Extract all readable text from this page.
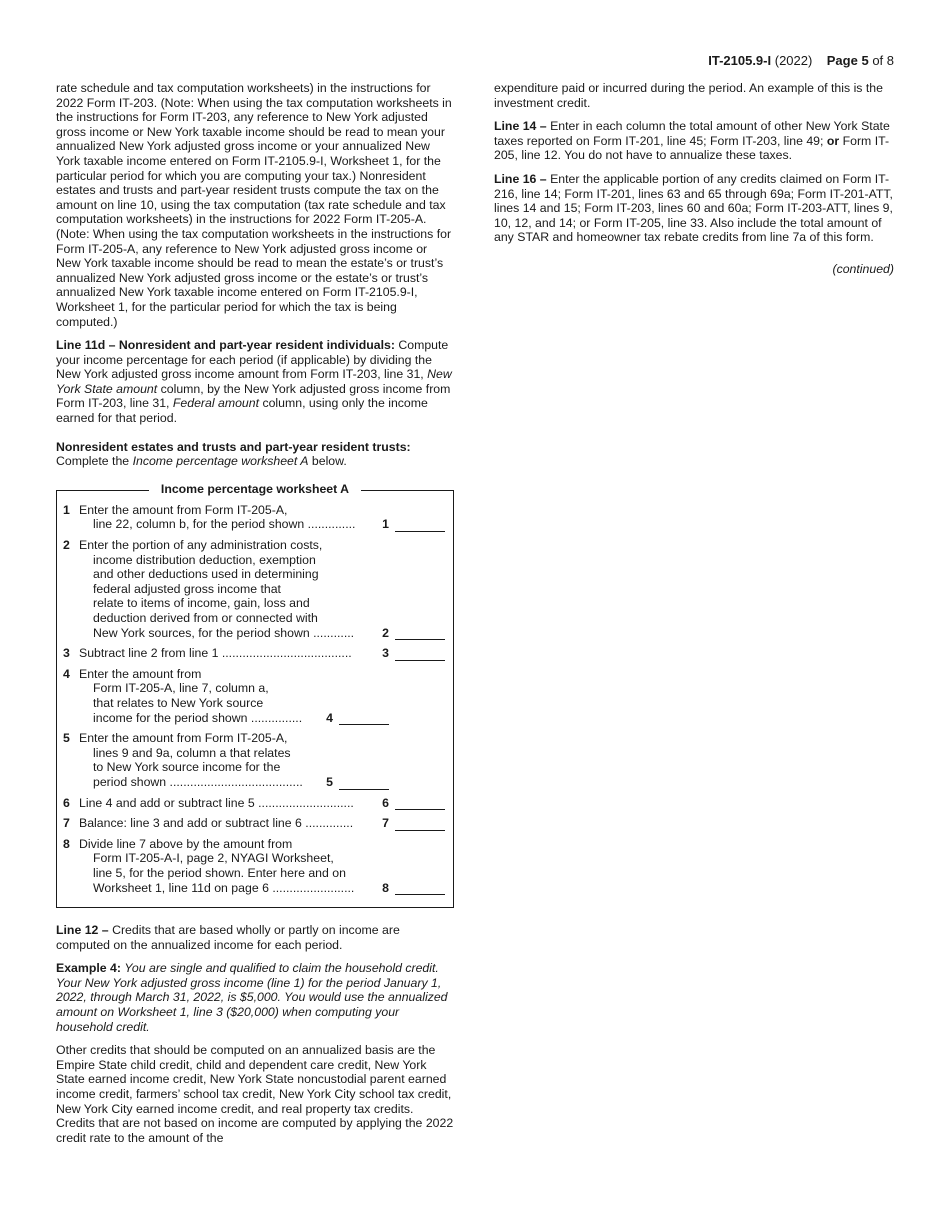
IT-2105.9-I (2022) Page 5 of 8

rate schedule and tax computation worksheets) in the instructions for 2022 Form IT-203. (Note: When using the tax computation worksheets in the instructions for Form IT-203, any reference to New York adjusted gross income or New York taxable income should be read to mean your annualized New York adjusted gross income or your annualized New York taxable income entered on Form IT-2105.9-I, Worksheet 1, for the particular period for which you are computing your tax.) Nonresident estates and trusts and part-year resident trusts compute the tax on the amount on line 10, using the tax computation (tax rate schedule and tax computation worksheets) in the instructions for 2022 Form IT-205-A. (Note: When using the tax computation worksheets in the instructions for Form IT-205-A, any reference to New York adjusted gross income or New York taxable income should be read to mean the estate’s or trust’s annualized New York adjusted gross income or the estate’s or trust’s annualized New York taxable income entered on Form IT-2105.9-I, Worksheet 1, for the particular period for which the tax is being computed.)

Line 11d – Nonresident and part-year resident individuals: Compute your income percentage for each period (if applicable) by dividing the New York adjusted gross income amount from Form IT-203, line 31, New York State amount column, by the New York adjusted gross income from Form IT-203, line 31, Federal amount column, using only the income earned for that period.

Nonresident estates and trusts and part-year resident trusts:
Complete the Income percentage worksheet A below.

Income percentage worksheet A
1 Enter the amount from Form IT-205-A,
line 22, column b, for the period shown ..............	1
2 Enter the portion of any administration costs,
income distribution deduction, exemption
and other deductions used in determining
federal adjusted gross income that
relate to items of income, gain, loss and
deduction derived from or connected with
New York sources, for the period shown ............	2
3 Subtract line 2 from line 1 ......................................	3
4 Enter the amount from
Form IT-205-A, line 7, column a,
that relates to New York source
income for the period shown ...............	4
5 Enter the amount from Form IT-205-A,
lines 9 and 9a, column a that relates
to New York source income for the
period shown .......................................	5
6 Line 4 and add or subtract line 5 ............................	6
7 Balance: line 3 and add or subtract line 6 ..............	7
8 Divide line 7 above by the amount from
Form IT-205-A-I, page 2, NYAGI Worksheet,
line 5, for the period shown. Enter here and on
Worksheet 1, line 11d on page 6 ........................	8

Line 12 – Credits that are based wholly or partly on income are computed on the annualized income for each period.

Example 4: You are single and qualified to claim the household credit. Your New York adjusted gross income (line 1) for the period January 1, 2022, through March 31, 2022, is $5,000. You would use the annualized amount on Worksheet 1, line 3 ($20,000) when computing your household credit.

Other credits that should be computed on an annualized basis are the Empire State child credit, child and dependent care credit, New York State earned income credit, New York State noncustodial parent earned income credit, farmers’ school tax credit, New York City school tax credit, New York City earned income credit, and real property tax credits. Credits that are not based on income are computed by applying the 2022 credit rate to the amount of the

expenditure paid or incurred during the period. An example of this is the investment credit.

Line 14 – Enter in each column the total amount of other New York State taxes reported on Form IT-201, line 45; Form IT-203, line 49; or Form IT-205, line 12. You do not have to annualize these taxes.

Line 16 – Enter the applicable portion of any credits claimed on Form IT-216, line 14; Form IT-201, lines 63 and 65 through 69a; Form IT-201-ATT, lines 14 and 15; Form IT-203, lines 60 and 60a; Form IT-203-ATT, lines 9, 10, 12, and 14; or Form IT-205, line 33. Also include the total amount of any STAR and homeowner tax rebate credits from line 7a of this form.

(continued)
